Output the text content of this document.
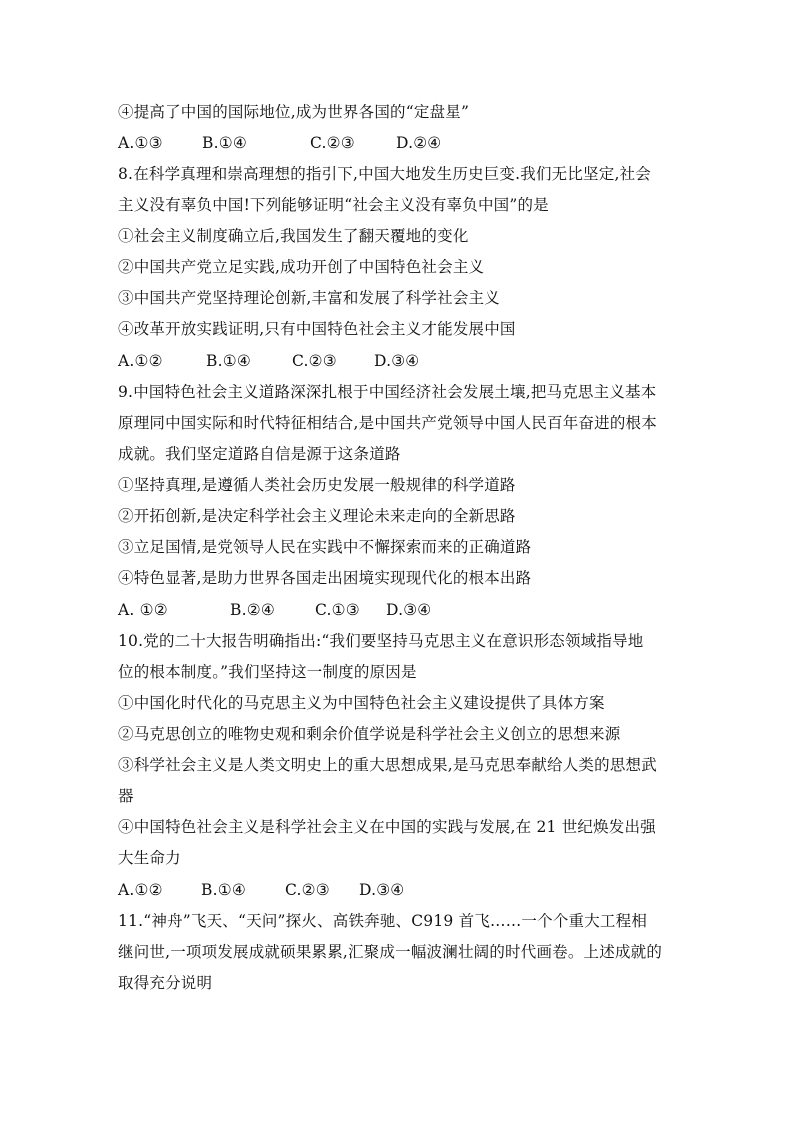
④提高了中国的国际地位,成为世界各国的“定盘星”
A.①③	B.①④	C.②③	D.②④
8.在科学真理和崇高理想的指引下,中国大地发生历史巨变.我们无比坚定,社会
主义没有辜负中国!下列能够证明“社会主义没有辜负中国”的是
①社会主义制度确立后,我国发生了翻天覆地的变化
②中国共产党立足实践,成功开创了中国特色社会主义
③中国共产党坚持理论创新,丰富和发展了科学社会主义
④改革开放实践证明,只有中国特色社会主义才能发展中国
A.①②	B.①④	C.②③ D.③④
9.中国特色社会主义道路深深扎根于中国经济社会发展土壤,把马克思主义基本
原理同中国实际和时代特征相结合,是中国共产党领导中国人民百年奋进的根本
成就。我们坚定道路自信是源于这条道路
①坚持真理,是遵循人类社会历史发展一般规律的科学道路
②开拓创新,是决定科学社会主义理论未来走向的全新思路
③立足国情,是党领导人民在实践中不懈探索而来的正确道路
④特色显著,是助力世界各国走出困境实现现代化的根本出路
A. ①②	B.②④	C.①③ D.③④
10.党的二十大报告明确指出:“我们要坚持马克思主义在意识形态领域指导地
位的根本制度。”我们坚持这一制度的原因是
①中国化时代化的马克思主义为中国特色社会主义建设提供了具体方案
②马克思创立的唯物史观和剩余价值学说是科学社会主义创立的思想来源
③科学社会主义是人类文明史上的重大思想成果,是马克思奉献给人类的思想武
器
④中国特色社会主义是科学社会主义在中国的实践与发展,在 21 世纪焕发出强
大生命力
A.①② B.①④	C.②③ D.③④
11.“神舟”飞天、“天问”探火、高铁奔驰、C919 首飞……一个个重大工程相
继问世,一项项发展成就硕果累累,汇聚成一幅波澜壮阔的时代画卷。上述成就的
取得充分说明
